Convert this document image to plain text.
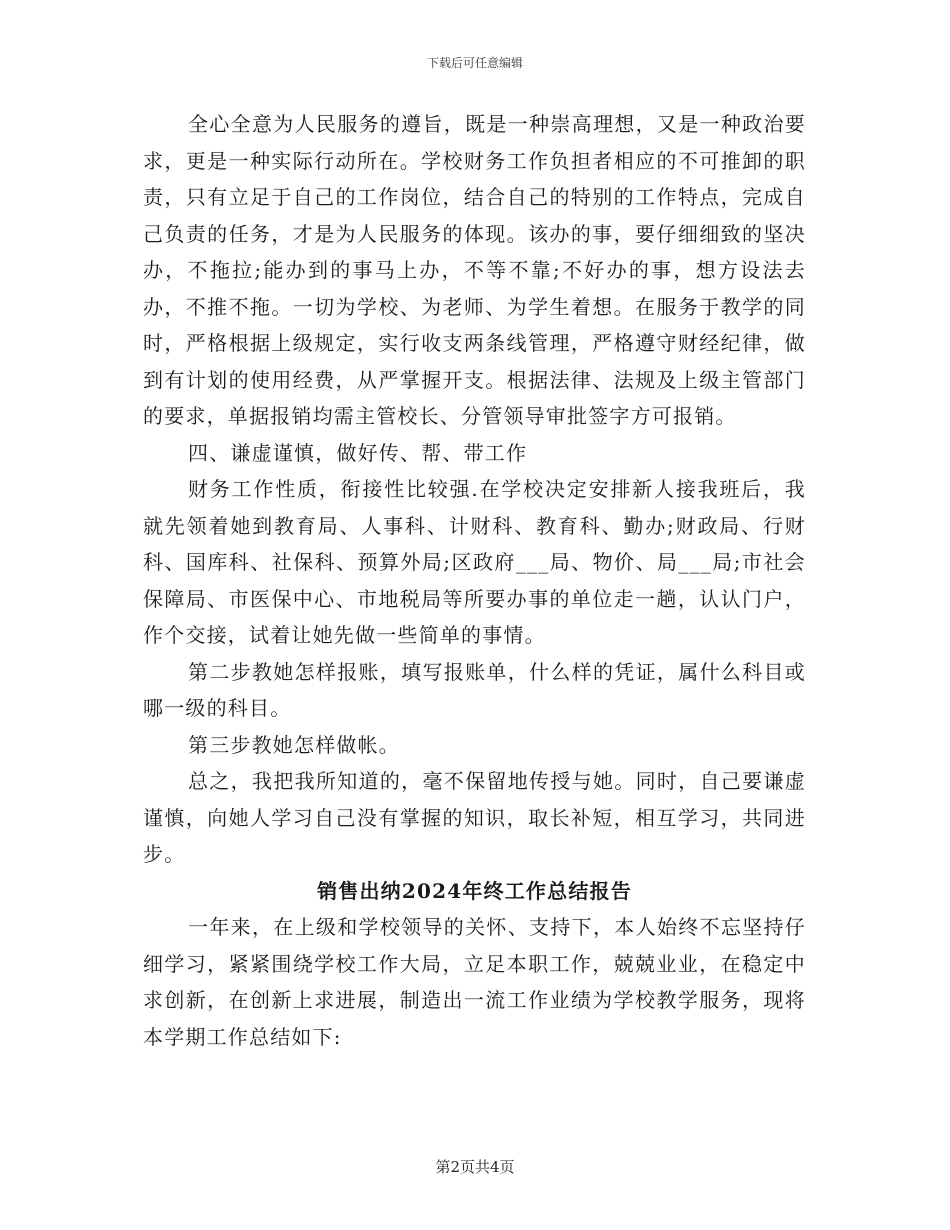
下载后可任意编辑

全心全意为人民服务的遵旨，既是一种崇高理想，又是一种政治要求，更是一种实际行动所在。学校财务工作负担者相应的不可推卸的职责，只有立足于自己的工作岗位，结合自己的特别的工作特点，完成自己负责的任务，才是为人民服务的体现。该办的事，要仔细细致的坚决办，不拖拉;能办到的事马上办，不等不靠;不好办的事，想方设法去办，不推不拖。一切为学校、为老师、为学生着想。在服务于教学的同时，严格根据上级规定，实行收支两条线管理，严格遵守财经纪律，做到有计划的使用经费，从严掌握开支。根据法律、法规及上级主管部门的要求，单据报销均需主管校长、分管领导审批签字方可报销。

四、谦虚谨慎，做好传、帮、带工作

财务工作性质，衔接性比较强.在学校决定安排新人接我班后，我就先领着她到教育局、人事科、计财科、教育科、勤办;财政局、行财科、国库科、社保科、预算外局;区政府___局、物价、局___局;市社会保障局、市医保中心、市地税局等所要办事的单位走一趟，认认门户，作个交接，试着让她先做一些简单的事情。

第二步教她怎样报账，填写报账单，什么样的凭证，属什么科目或哪一级的科目。

第三步教她怎样做帐。

总之，我把我所知道的，毫不保留地传授与她。同时，自己要谦虚谨慎，向她人学习自己没有掌握的知识，取长补短，相互学习，共同进步。

销售出纳2024年终工作总结报告

一年来，在上级和学校领导的关怀、支持下，本人始终不忘坚持仔细学习，紧紧围绕学校工作大局，立足本职工作，兢兢业业，在稳定中求创新，在创新上求进展，制造出一流工作业绩为学校教学服务，现将本学期工作总结如下:

第2页共4页
